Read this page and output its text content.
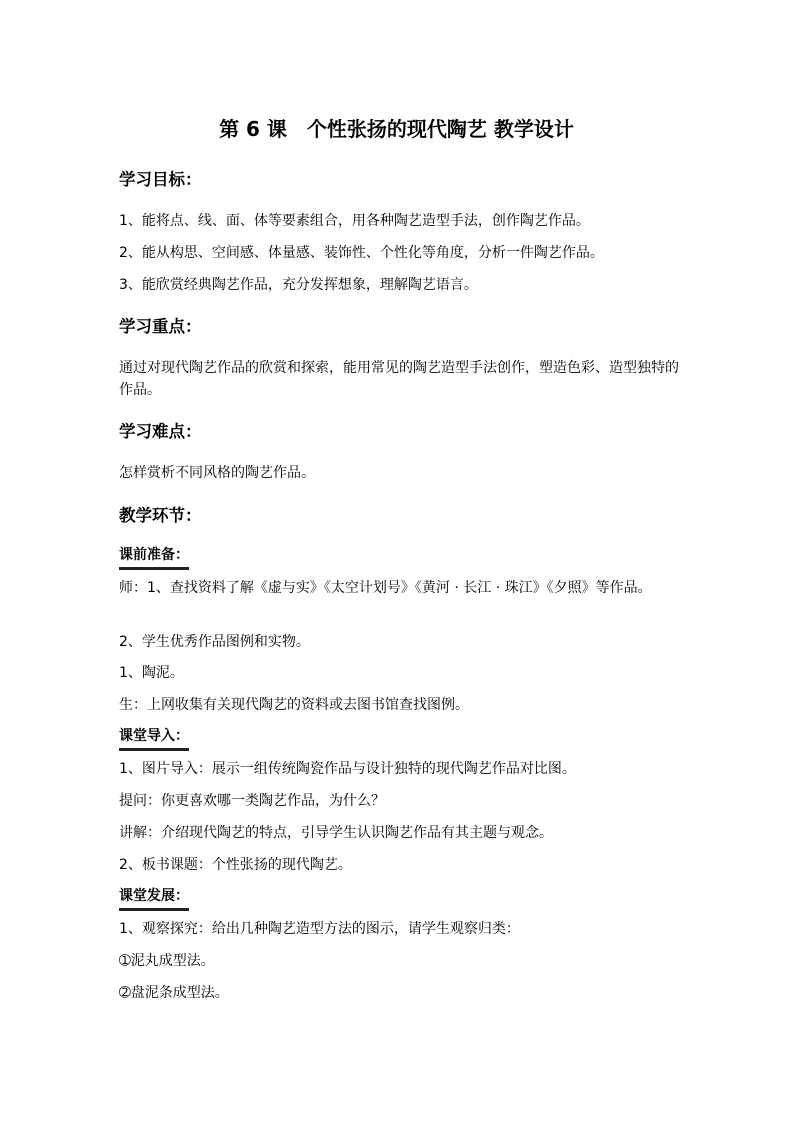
第 6 课　个性张扬的现代陶艺 教学设计
学习目标：
1、能将点、线、面、体等要素组合，用各种陶艺造型手法，创作陶艺作品。
2、能从构思、空间感、体量感、装饰性、个性化等角度，分析一件陶艺作品。
3、能欣赏经典陶艺作品，充分发挥想象，理解陶艺语言。
学习重点：
通过对现代陶艺作品的欣赏和探索，能用常见的陶艺造型手法创作，塑造色彩、造型独特的作品。
学习难点：
怎样赏析不同风格的陶艺作品。
教学环节：
课前准备：
师：1、查找资料了解《虚与实》《太空计划号》《黄河 · 长江 · 珠江》《夕照》等作品。
2、学生优秀作品图例和实物。
1、陶泥。
生：上网收集有关现代陶艺的资料或去图书馆查找图例。
课堂导入：
1、图片导入：展示一组传统陶瓷作品与设计独特的现代陶艺作品对比图。
提问：你更喜欢哪一类陶艺作品，为什么？
讲解：介绍现代陶艺的特点，引导学生认识陶艺作品有其主题与观念。
2、板书课题：个性张扬的现代陶艺。
课堂发展：
1、观察探究：给出几种陶艺造型方法的图示，请学生观察归类：
➀泥丸成型法。
➁盘泥条成型法。
